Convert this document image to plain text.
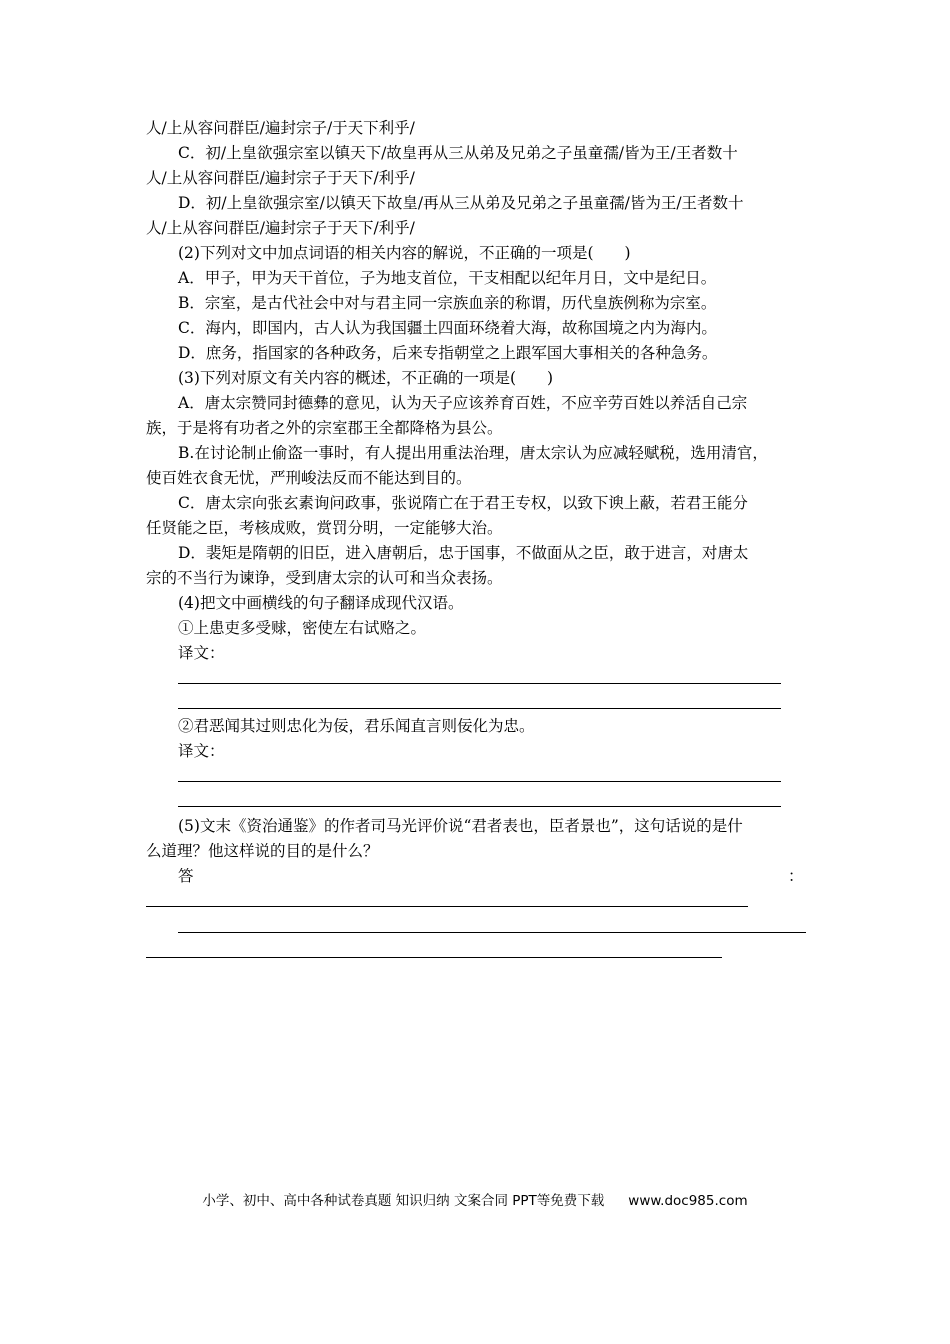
人/上从容问群臣/遍封宗子/于天下利乎/
C．初/上皇欲强宗室以镇天下/故皇再从三从弟及兄弟之子虽童孺/皆为王/王者数十
人/上从容问群臣/遍封宗子于天下/利乎/
D．初/上皇欲强宗室/以镇天下故皇/再从三从弟及兄弟之子虽童孺/皆为王/王者数十
人/上从容问群臣/遍封宗子于天下/利乎/
(2)下列对文中加点词语的相关内容的解说，不正确的一项是(　　)
A．甲子，甲为天干首位，子为地支首位，干支相配以纪年月日，文中是纪日。
B．宗室，是古代社会中对与君主同一宗族血亲的称谓，历代皇族例称为宗室。
C．海内，即国内，古人认为我国疆土四面环绕着大海，故称国境之内为海内。
D．庶务，指国家的各种政务，后来专指朝堂之上跟军国大事相关的各种急务。
(3)下列对原文有关内容的概述，不正确的一项是(　　)
A．唐太宗赞同封德彝的意见，认为天子应该养育百姓，不应辛劳百姓以养活自己宗
族，于是将有功者之外的宗室郡王全都降格为县公。
B.在讨论制止偷盗一事时，有人提出用重法治理，唐太宗认为应减轻赋税，选用清官，
使百姓衣食无忧，严刑峻法反而不能达到目的。
C．唐太宗向张玄素询问政事，张说隋亡在于君王专权，以致下谀上蔽，若君王能分
任贤能之臣，考核成败，赏罚分明，一定能够大治。
D．裴矩是隋朝的旧臣，进入唐朝后，忠于国事，不做面从之臣，敢于进言，对唐太
宗的不当行为谏诤，受到唐太宗的认可和当众表扬。
(4)把文中画横线的句子翻译成现代汉语。
①上患吏多受赇，密使左右试赂之。
译文：
②君恶闻其过则忠化为佞，君乐闻直言则佞化为忠。
译文：
(5)文末《资治通鉴》的作者司马光评价说“君者表也，臣者景也”，这句话说的是什
么道理？他这样说的目的是什么？
答	：
小学、初中、高中各种试卷真题 知识归纳 文案合同 PPT等免费下载 www.doc985.com
